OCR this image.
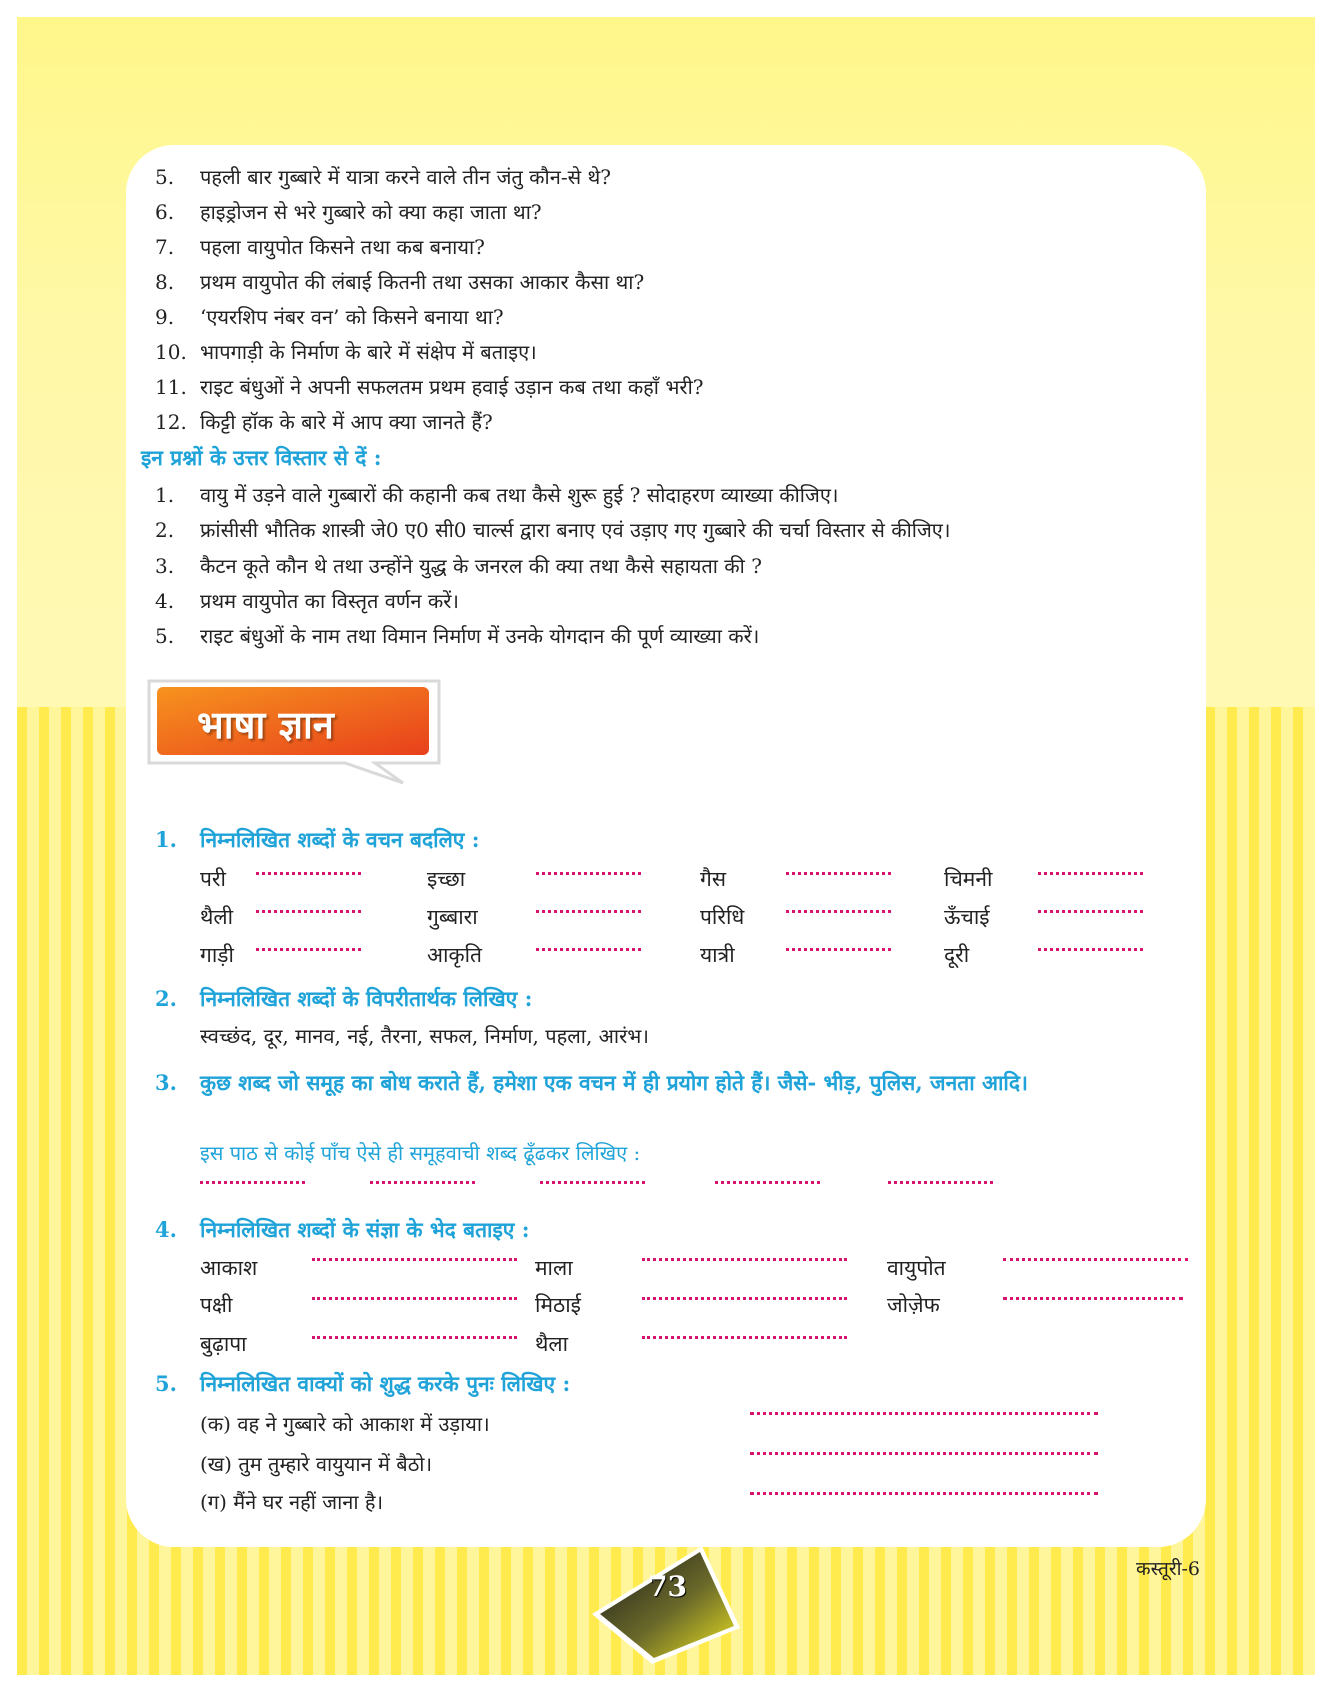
5. पहली बार गुब्बारे में यात्रा करने वाले तीन जंतु कौन-से थे?
6. हाइड्रोजन से भरे गुब्बारे को क्या कहा जाता था?
7. पहला वायुपोत किसने तथा कब बनाया?
8. प्रथम वायुपोत की लंबाई कितनी तथा उसका आकार कैसा था?
9. ‘एयरशिप नंबर वन’ को किसने बनाया था?
10. भापगाड़ी के निर्माण के बारे में संक्षेप में बताइए।
11. राइट बंधुओं ने अपनी सफलतम प्रथम हवाई उड़ान कब तथा कहाँ भरी?
12. किट्टी हॉक के बारे में आप क्या जानते हैं?
इन प्रश्नों के उत्तर विस्तार से दें :
1. वायु में उड़ने वाले गुब्बारों की कहानी कब तथा कैसे शुरू हुई ? सोदाहरण व्याख्या कीजिए।
2. फ्रांसीसी भौतिक शास्त्री जे0 ए0 सी0 चार्ल्स द्वारा बनाए एवं उड़ाए गए गुब्बारे की चर्चा विस्तार से कीजिए।
3. कैटन कूते कौन थे तथा उन्होंने युद्ध के जनरल की क्या तथा कैसे सहायता की ?
4. प्रथम वायुपोत का विस्तृत वर्णन करें।
5. राइट बंधुओं के नाम तथा विमान निर्माण में उनके योगदान की पूर्ण व्याख्या करें।
भाषा ज्ञान
1. निम्नलिखित शब्दों के वचन बदलिए :
परी	इच्छा	गैस	चिमनी
थैली	गुब्बारा	परिधि	ऊँचाई
गाड़ी	आकृति	यात्री	दूरी
2. निम्नलिखित शब्दों के विपरीतार्थक लिखिए :
स्वच्छंद, दूर, मानव, नई, तैरना, सफल, निर्माण, पहला, आरंभ।
3.	कुछ शब्द जो समूह का बोध कराते हैं, हमेशा एक वचन में ही प्रयोग होते हैं। जैसे- भीड़, पुलिस, जनता आदि।
इस पाठ से कोई पाँच ऐसे ही समूहवाची शब्द ढूँढकर लिखिए :
4. निम्नलिखित शब्दों के संज्ञा के भेद बताइए :
आकाश	माला	वायुपोत
पक्षी	मिठाई	जोज़ेफ
बुढ़ापा	थैला
5. निम्नलिखित वाक्यों को शुद्ध करके पुनः लिखिए :
(क) वह ने गुब्बारे को आकाश में उड़ाया।
(ख) तुम तुम्हारे वायुयान में बैठो।
(ग) मैंने घर नहीं जाना है।
73
कस्तूरी-6
